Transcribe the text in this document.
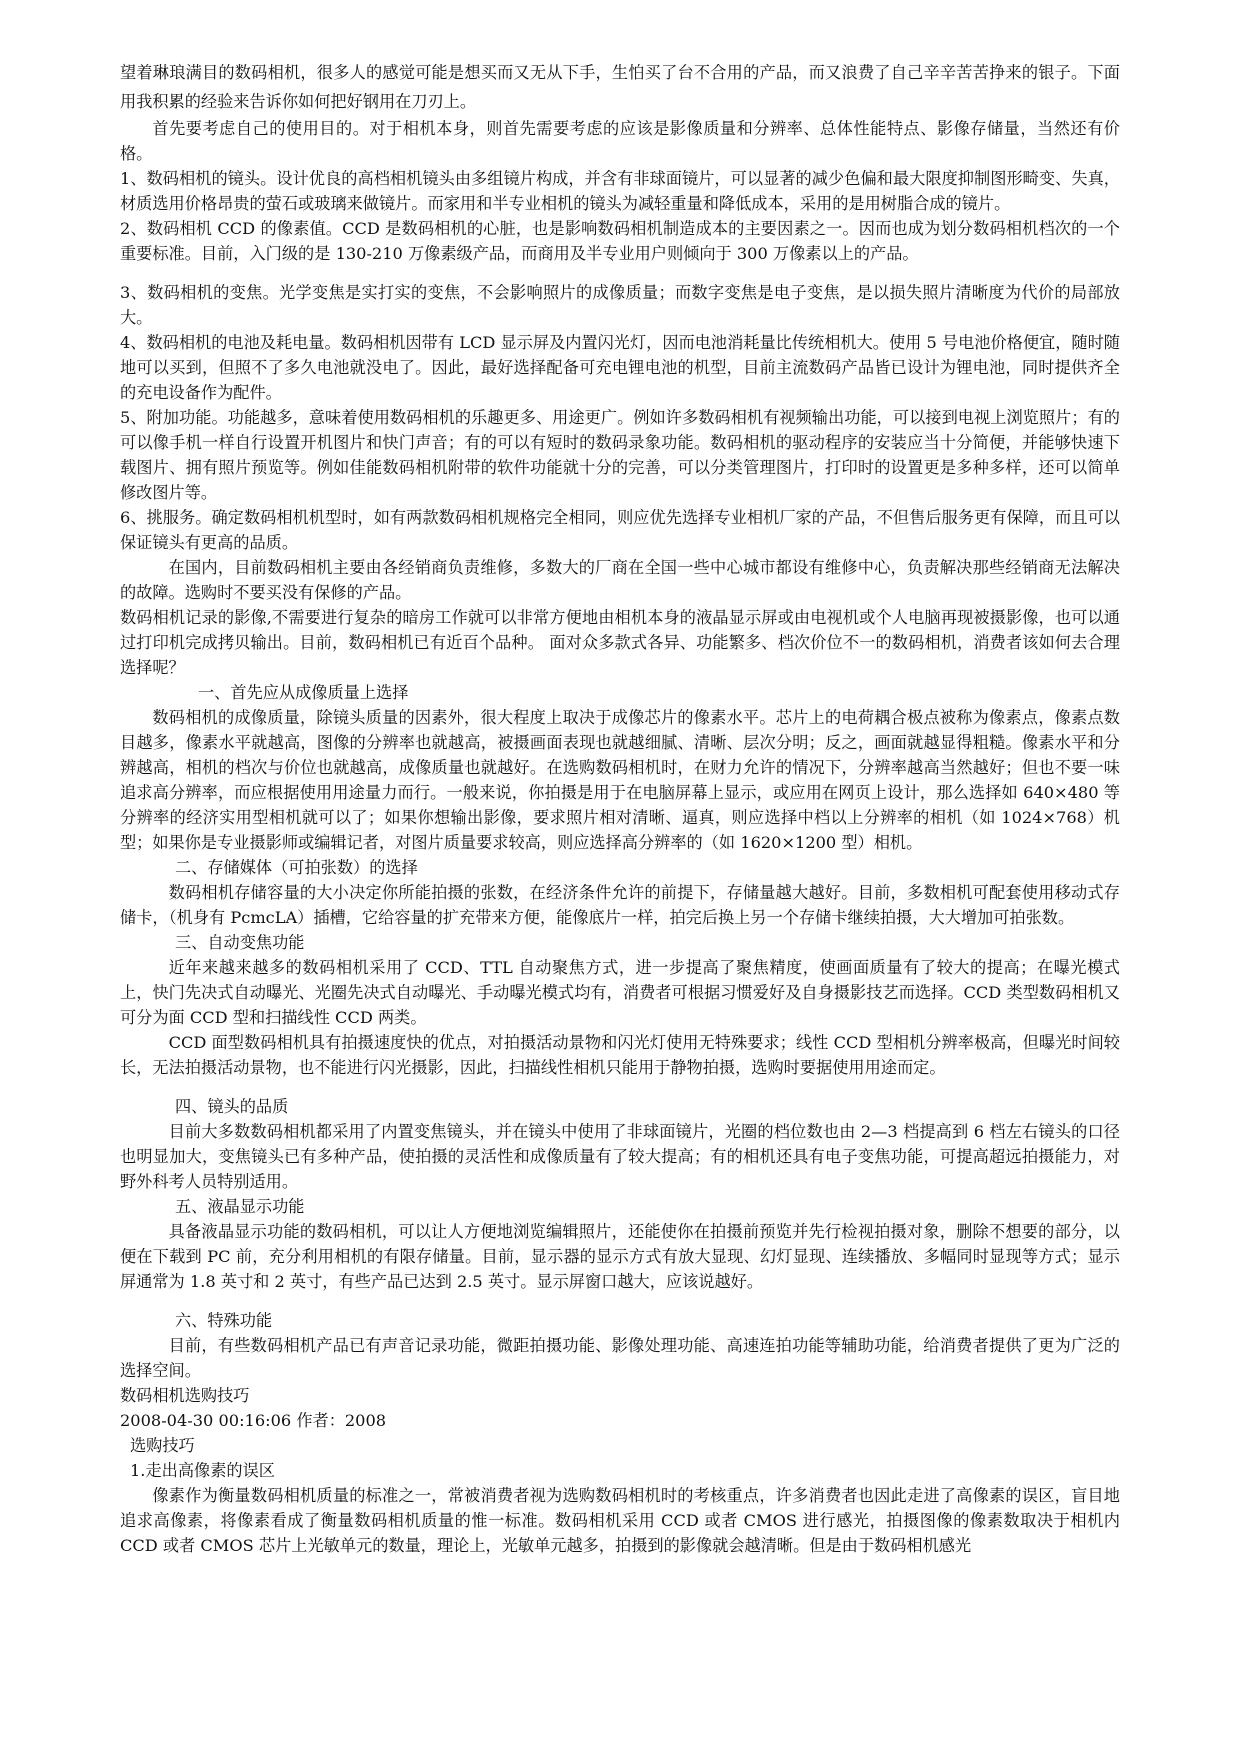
望着琳琅满目的数码相机，很多人的感觉可能是想买而又无从下手，生怕买了台不合用的产品，而又浪费了自己辛辛苦苦挣来的银子。下面用我积累的经验来告诉你如何把好钢用在刀刃上。

首先要考虑自己的使用目的。对于相机本身，则首先需要考虑的应该是影像质量和分辨率、总体性能特点、影像存储量，当然还有价格。

1、数码相机的镜头。设计优良的高档相机镜头由多组镜片构成，并含有非球面镜片，可以显著的减少色偏和最大限度抑制图形畸变、失真，材质选用价格昂贵的萤石或玻璃来做镜片。而家用和半专业相机的镜头为减轻重量和降低成本，采用的是用树脂合成的镜片。

2、数码相机 CCD 的像素值。CCD 是数码相机的心脏，也是影响数码相机制造成本的主要因素之一。因而也成为划分数码相机档次的一个重要标准。目前，入门级的是 130-210 万像素级产品，而商用及半专业用户则倾向于 300 万像素以上的产品。

3、数码相机的变焦。光学变焦是实打实的变焦，不会影响照片的成像质量；而数字变焦是电子变焦，是以损失照片清晰度为代价的局部放大。

4、数码相机的电池及耗电量。数码相机因带有 LCD 显示屏及内置闪光灯，因而电池消耗量比传统相机大。使用 5 号电池价格便宜，随时随地可以买到，但照不了多久电池就没电了。因此，最好选择配备可充电锂电池的机型，目前主流数码产品皆已设计为锂电池，同时提供齐全的充电设备作为配件。

5、附加功能。功能越多，意味着使用数码相机的乐趣更多、用途更广。例如许多数码相机有视频输出功能，可以接到电视上浏览照片；有的可以像手机一样自行设置开机图片和快门声音；有的可以有短时的数码录象功能。数码相机的驱动程序的安装应当十分简便，并能够快速下载图片、拥有照片预览等。例如佳能数码相机附带的软件功能就十分的完善，可以分类管理图片，打印时的设置更是多种多样，还可以简单修改图片等。

6、挑服务。确定数码相机机型时，如有两款数码相机规格完全相同，则应优先选择专业相机厂家的产品，不但售后服务更有保障，而且可以保证镜头有更高的品质。

在国内，目前数码相机主要由各经销商负责维修，多数大的厂商在全国一些中心城市都设有维修中心，负责解决那些经销商无法解决的故障。选购时不要买没有保修的产品。

数码相机记录的影像,不需要进行复杂的暗房工作就可以非常方便地由相机本身的液晶显示屏或由电视机或个人电脑再现被摄影像，也可以通过打印机完成拷贝输出。目前，数码相机已有近百个品种。 面对众多款式各异、功能繁多、档次价位不一的数码相机，消费者该如何去合理选择呢？

一、首先应从成像质量上选择

数码相机的成像质量，除镜头质量的因素外，很大程度上取决于成像芯片的像素水平。芯片上的电荷耦合极点被称为像素点，像素点数目越多，像素水平就越高，图像的分辨率也就越高，被摄画面表现也就越细腻、清晰、层次分明；反之，画面就越显得粗糙。像素水平和分辨越高，相机的档次与价位也就越高，成像质量也就越好。在选购数码相机时，在财力允许的情况下，分辨率越高当然越好；但也不要一味追求高分辨率，而应根据使用用途量力而行。一般来说，你拍摄是用于在电脑屏幕上显示，或应用在网页上设计，那么选择如 640×480 等分辨率的经济实用型相机就可以了；如果你想输出影像，要求照片相对清晰、逼真，则应选择中档以上分辨率的相机（如 1024×768）机型；如果你是专业摄影师或编辑记者，对图片质量要求较高，则应选择高分辨率的（如 1620×1200 型）相机。

二、存储媒体（可拍张数）的选择

数码相机存储容量的大小决定你所能拍摄的张数，在经济条件允许的前提下，存储量越大越好。目前，多数相机可配套使用移动式存储卡，（机身有 PcmcLA）插槽，它给容量的扩充带来方便，能像底片一样，拍完后换上另一个存储卡继续拍摄，大大增加可拍张数。

三、自动变焦功能

近年来越来越多的数码相机采用了 CCD、TTL 自动聚焦方式，进一步提高了聚焦精度，使画面质量有了较大的提高；在曝光模式上，快门先决式自动曝光、光圈先决式自动曝光、手动曝光模式均有，消费者可根据习惯爱好及自身摄影技艺而选择。CCD 类型数码相机又可分为面 CCD 型和扫描线性 CCD 两类。

CCD 面型数码相机具有拍摄速度快的优点，对拍摄活动景物和闪光灯使用无特殊要求；线性 CCD 型相机分辨率极高，但曝光时间较长，无法拍摄活动景物，也不能进行闪光摄影，因此，扫描线性相机只能用于静物拍摄，选购时要据使用用途而定。

四、镜头的品质

目前大多数数码相机都采用了内置变焦镜头，并在镜头中使用了非球面镜片，光圈的档位数也由 2—3 档提高到 6 档左右镜头的口径也明显加大，变焦镜头已有多种产品，使拍摄的灵活性和成像质量有了较大提高；有的相机还具有电子变焦功能，可提高超远拍摄能力，对野外科考人员特别适用。

五、液晶显示功能

具备液晶显示功能的数码相机，可以让人方便地浏览编辑照片，还能使你在拍摄前预览并先行检视拍摄对象，删除不想要的部分，以便在下载到 PC 前，充分利用相机的有限存储量。目前，显示器的显示方式有放大显现、幻灯显现、连续播放、多幅同时显现等方式；显示屏通常为 1.8 英寸和 2 英寸，有些产品已达到 2.5 英寸。显示屏窗口越大，应该说越好。

六、特殊功能

目前，有些数码相机产品已有声音记录功能，微距拍摄功能、影像处理功能、高速连拍功能等辅助功能，给消费者提供了更为广泛的选择空间。

数码相机选购技巧

2008-04-30 00:16:06 作者：2008

选购技巧

1.走出高像素的误区

像素作为衡量数码相机质量的标准之一，常被消费者视为选购数码相机时的考核重点，许多消费者也因此走进了高像素的误区，盲目地追求高像素，将像素看成了衡量数码相机质量的惟一标准。数码相机采用 CCD 或者 CMOS 进行感光，拍摄图像的像素数取决于相机内 CCD 或者 CMOS 芯片上光敏单元的数量，理论上，光敏单元越多，拍摄到的影像就会越清晰。但是由于数码相机感光
